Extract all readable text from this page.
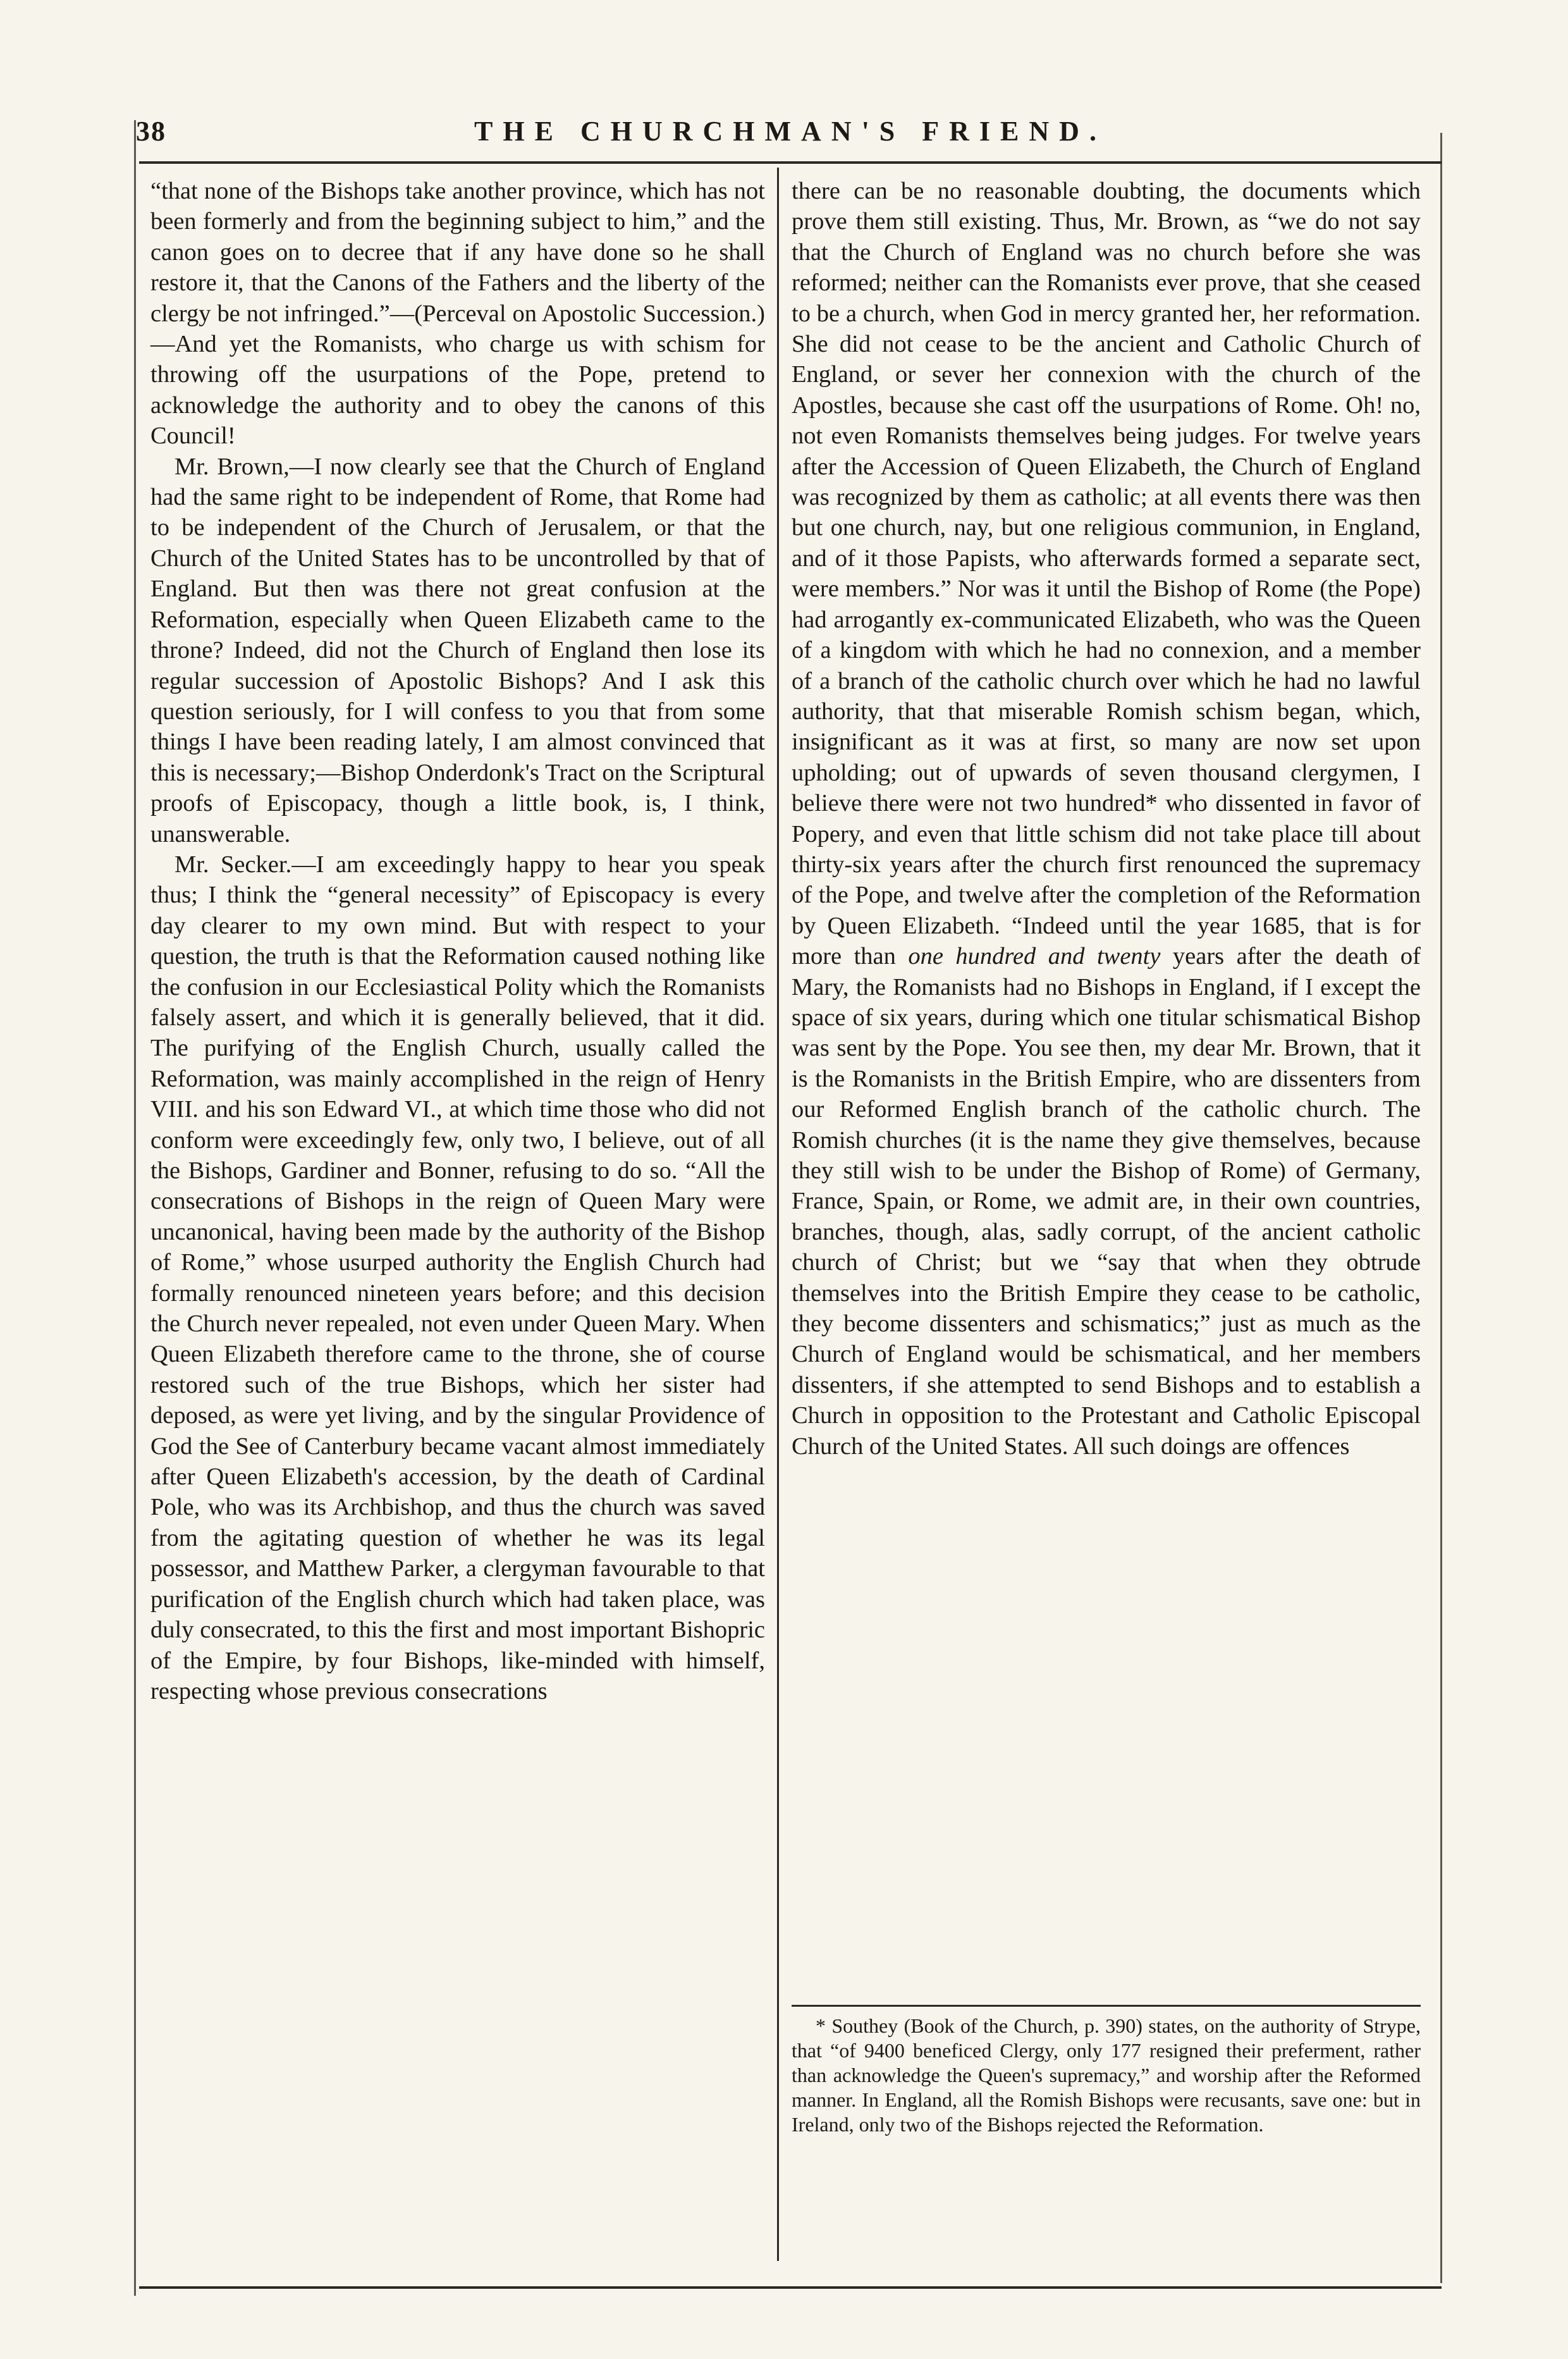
38	THE CHURCHMAN'S FRIEND.

“that none of the Bishops take another province, which has not been formerly and from the beginning subject to him,” and the canon goes on to decree that if any have done so he shall restore it, that the Canons of the Fathers and the liberty of the clergy be not infringed.”—(Perceval on Apostolic Succession.)—And yet the Romanists, who charge us with schism for throwing off the usurpations of the Pope, pretend to acknowledge the authority and to obey the canons of this Council!

Mr. Brown,—I now clearly see that the Church of England had the same right to be independent of Rome, that Rome had to be independent of the Church of Jerusalem, or that the Church of the United States has to be uncontrolled by that of England. But then was there not great confusion at the Reformation, especially when Queen Elizabeth came to the throne? Indeed, did not the Church of England then lose its regular succession of Apostolic Bishops? And I ask this question seriously, for I will confess to you that from some things I have been reading lately, I am almost convinced that this is necessary;—Bishop Onderdonk's Tract on the Scriptural proofs of Episcopacy, though a little book, is, I think, unanswerable.

Mr. Secker.—I am exceedingly happy to hear you speak thus; I think the “general necessity” of Episcopacy is every day clearer to my own mind. But with respect to your question, the truth is that the Reformation caused nothing like the confusion in our Ecclesiastical Polity which the Romanists falsely assert, and which it is generally believed, that it did. The purifying of the English Church, usually called the Reformation, was mainly accomplished in the reign of Henry VIII. and his son Edward VI., at which time those who did not conform were exceedingly few, only two, I believe, out of all the Bishops, Gardiner and Bonner, refusing to do so. “All the consecrations of Bishops in the reign of Queen Mary were uncanonical, having been made by the authority of the Bishop of Rome,” whose usurped authority the English Church had formally renounced nineteen years before; and this decision the Church never repealed, not even under Queen Mary. When Queen Elizabeth therefore came to the throne, she of course restored such of the true Bishops, which her sister had deposed, as were yet living, and by the singular Providence of God the See of Canterbury became vacant almost immediately after Queen Elizabeth's accession, by the death of Cardinal Pole, who was its Archbishop, and thus the church was saved from the agitating question of whether he was its legal possessor, and Matthew Parker, a clergyman favourable to that purification of the English church which had taken place, was duly consecrated, to this the first and most important Bishopric of the Empire, by four Bishops, like-minded with himself, respecting whose previous consecrations

there can be no reasonable doubting, the documents which prove them still existing. Thus, Mr. Brown, as “we do not say that the Church of England was no church before she was reformed; neither can the Romanists ever prove, that she ceased to be a church, when God in mercy granted her, her reformation. She did not cease to be the ancient and Catholic Church of England, or sever her connexion with the church of the Apostles, because she cast off the usurpations of Rome. Oh! no, not even Romanists themselves being judges. For twelve years after the Accession of Queen Elizabeth, the Church of England was recognized by them as catholic; at all events there was then but one church, nay, but one religious communion, in England, and of it those Papists, who afterwards formed a separate sect, were members.” Nor was it until the Bishop of Rome (the Pope) had arrogantly ex-communicated Elizabeth, who was the Queen of a kingdom with which he had no connexion, and a member of a branch of the catholic church over which he had no lawful authority, that that miserable Romish schism began, which, insignificant as it was at first, so many are now set upon upholding; out of upwards of seven thousand clergymen, I believe there were not two hundred* who dissented in favor of Popery, and even that little schism did not take place till about thirty-six years after the church first renounced the supremacy of the Pope, and twelve after the completion of the Reformation by Queen Elizabeth. “Indeed until the year 1685, that is for more than one hundred and twenty years after the death of Mary, the Romanists had no Bishops in England, if I except the space of six years, during which one titular schismatical Bishop was sent by the Pope. You see then, my dear Mr. Brown, that it is the Romanists in the British Empire, who are dissenters from our Reformed English branch of the catholic church. The Romish churches (it is the name they give themselves, because they still wish to be under the Bishop of Rome) of Germany, France, Spain, or Rome, we admit are, in their own countries, branches, though, alas, sadly corrupt, of the ancient catholic church of Christ; but we “say that when they obtrude themselves into the British Empire they cease to be catholic, they become dissenters and schismatics;” just as much as the Church of England would be schismatical, and her members dissenters, if she attempted to send Bishops and to establish a Church in opposition to the Protestant and Catholic Episcopal Church of the United States. All such doings are offences

* Southey (Book of the Church, p. 390) states, on the authority of Strype, that “of 9400 beneficed Clergy, only 177 resigned their preferment, rather than acknowledge the Queen's supremacy,” and worship after the Reformed manner. In England, all the Romish Bishops were recusants, save one: but in Ireland, only two of the Bishops rejected the Reformation.
